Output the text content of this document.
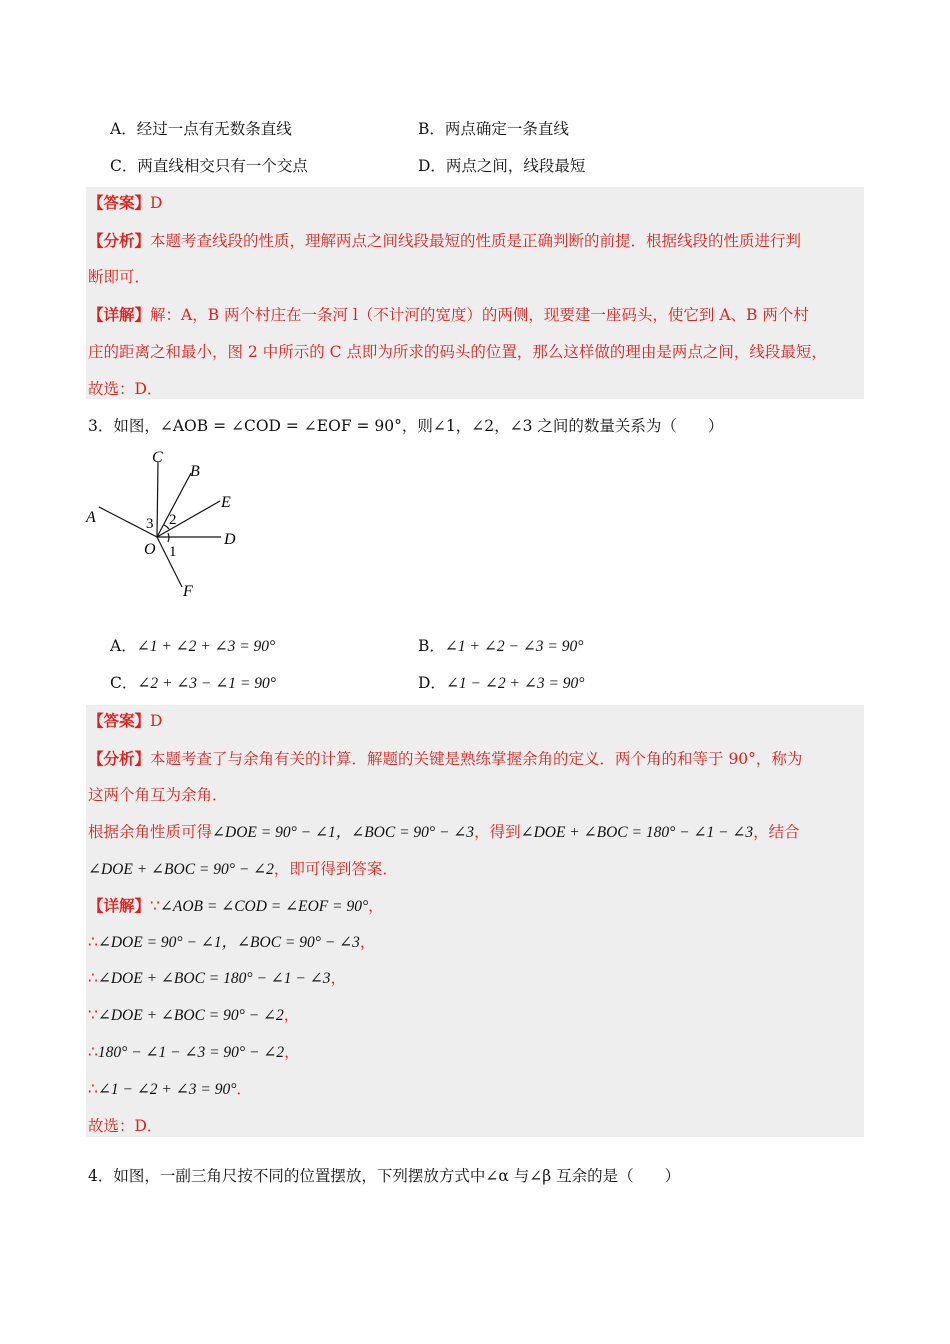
A．经过一点有无数条直线	B．两点确定一条直线
C．两直线相交只有一个交点	D．两点之间，线段最短
【答案】D
【分析】本题考查线段的性质，理解两点之间线段最短的性质是正确判断的前提．根据线段的性质进行判
断即可．
【详解】解：A，B 两个村庄在一条河 l（不计河的宽度）的两侧，现要建一座码头，使它到 A、B 两个村
庄的距离之和最小，图 2 中所示的 C 点即为所求的码头的位置，那么这样做的理由是两点之间，线段最短，
故选：D．
3．如图，∠AOB = ∠COD = ∠EOF = 90°，则∠1，∠2，∠3 之间的数量关系为（　　）
C
B
E
A
D
O
F
3 2
1
A．∠1 + ∠2 + ∠3 = 90°	B．∠1 + ∠2 − ∠3 = 90°
C．∠2 + ∠3 − ∠1 = 90°	D．∠1 − ∠2 + ∠3 = 90°
【答案】D
【分析】本题考查了与余角有关的计算．解题的关键是熟练掌握余角的定义．两个角的和等于 90°，称为
这两个角互为余角．
根据余角性质可得∠DOE = 90° − ∠1，∠BOC = 90° − ∠3，得到∠DOE + ∠BOC = 180° − ∠1 − ∠3，结合
∠DOE + ∠BOC = 90° − ∠2，即可得到答案．
【详解】∵∠AOB = ∠COD = ∠EOF = 90°，
∴∠DOE = 90° − ∠1，∠BOC = 90° − ∠3，
∴∠DOE + ∠BOC = 180° − ∠1 − ∠3，
∵∠DOE + ∠BOC = 90° − ∠2，
∴180° − ∠1 − ∠3 = 90° − ∠2，
∴∠1 − ∠2 + ∠3 = 90°．
故选：D．
4．如图，一副三角尺按不同的位置摆放，下列摆放方式中∠α 与∠β 互余的是（　　）
